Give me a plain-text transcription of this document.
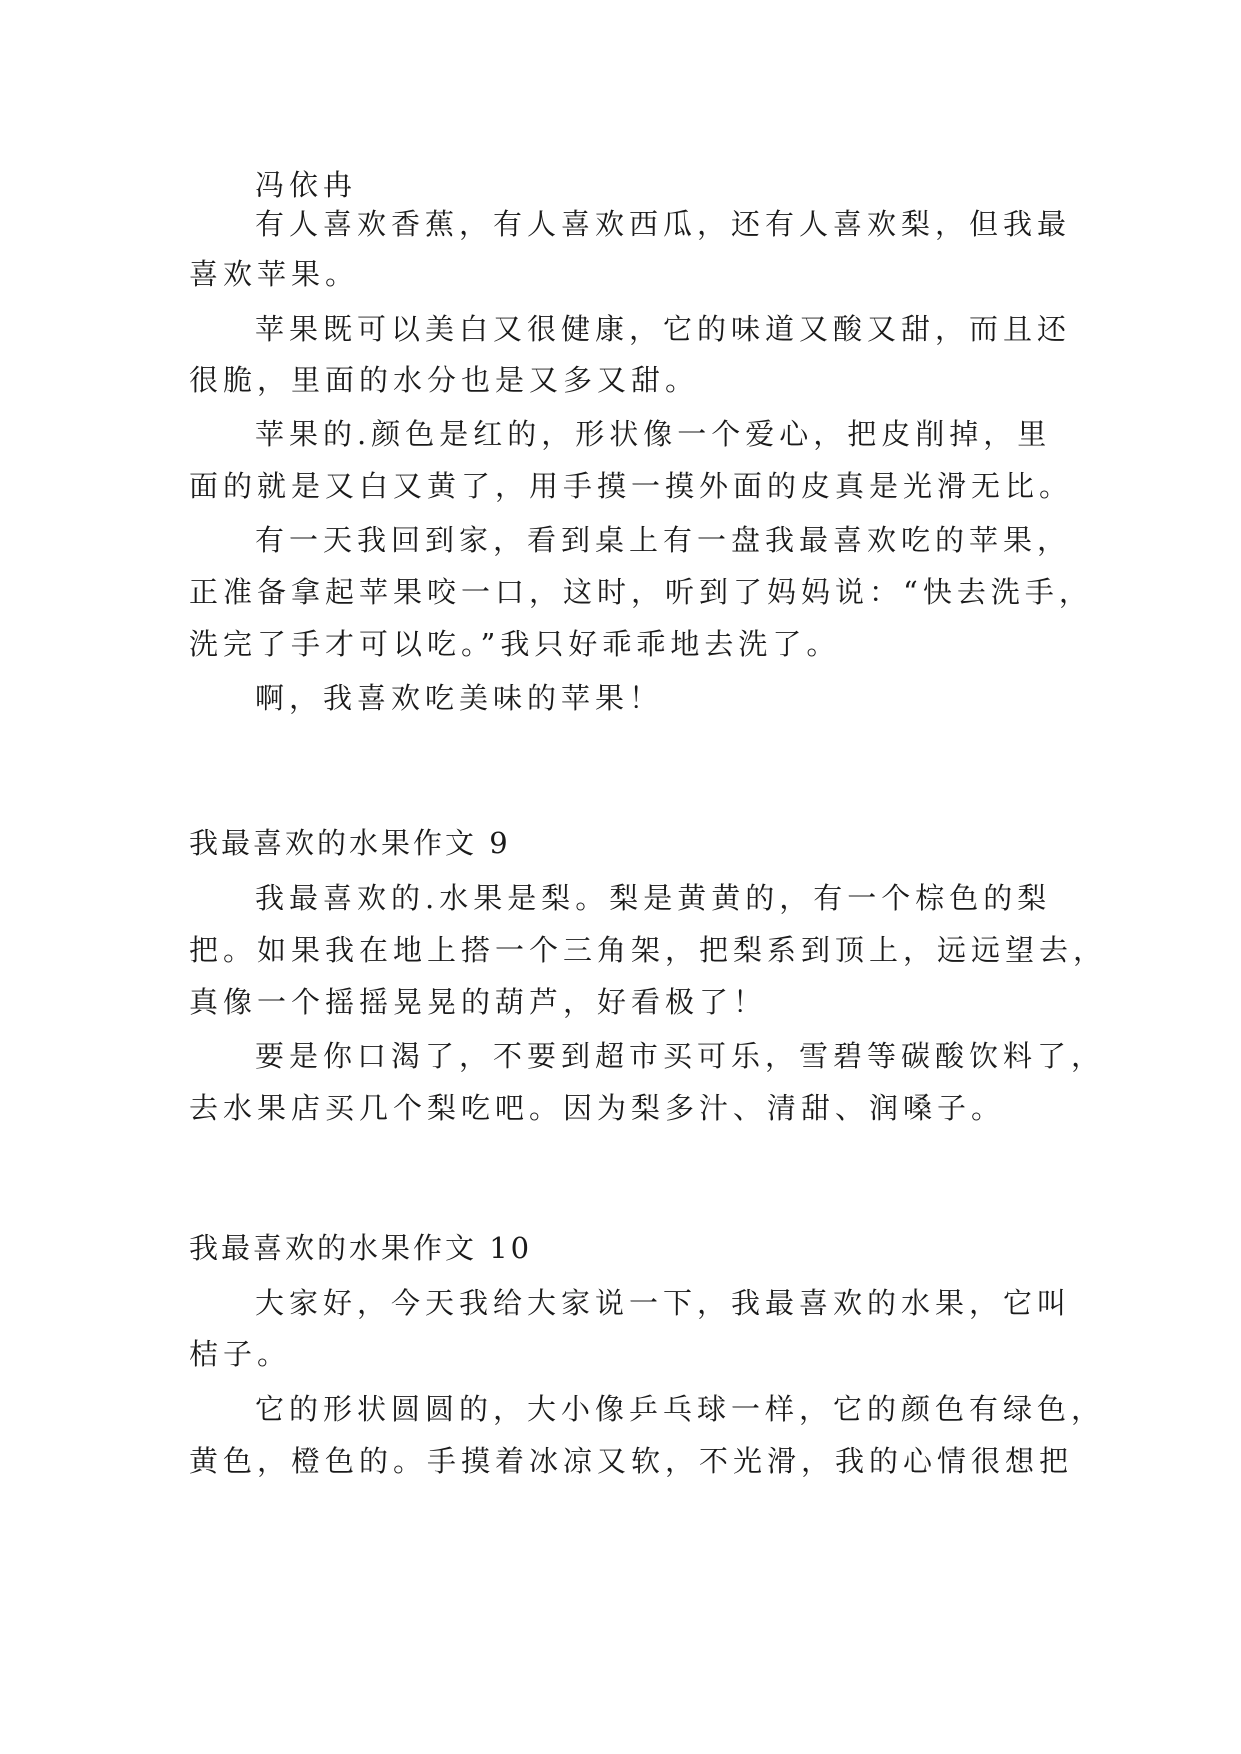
冯依冉
有人喜欢香蕉，有人喜欢西瓜，还有人喜欢梨，但我最
喜欢苹果。
苹果既可以美白又很健康，它的味道又酸又甜，而且还
很脆，里面的水分也是又多又甜。
苹果的.颜色是红的，形状像一个爱心，把皮削掉，里
面的就是又白又黄了，用手摸一摸外面的皮真是光滑无比。
有一天我回到家，看到桌上有一盘我最喜欢吃的苹果，
正准备拿起苹果咬一口，这时，听到了妈妈说：“快去洗手，
洗完了手才可以吃。”我只好乖乖地去洗了。
啊，我喜欢吃美味的苹果！
我最喜欢的水果作文 9
我最喜欢的.水果是梨。梨是黄黄的，有一个棕色的梨
把。如果我在地上搭一个三角架，把梨系到顶上，远远望去，
真像一个摇摇晃晃的葫芦，好看极了！
要是你口渴了，不要到超市买可乐，雪碧等碳酸饮料了，
去水果店买几个梨吃吧。因为梨多汁、清甜、润嗓子。
我最喜欢的水果作文 10
大家好，今天我给大家说一下，我最喜欢的水果，它叫
桔子。
它的形状圆圆的，大小像乒乓球一样，它的颜色有绿色，
黄色，橙色的。手摸着冰凉又软，不光滑，我的心情很想把
